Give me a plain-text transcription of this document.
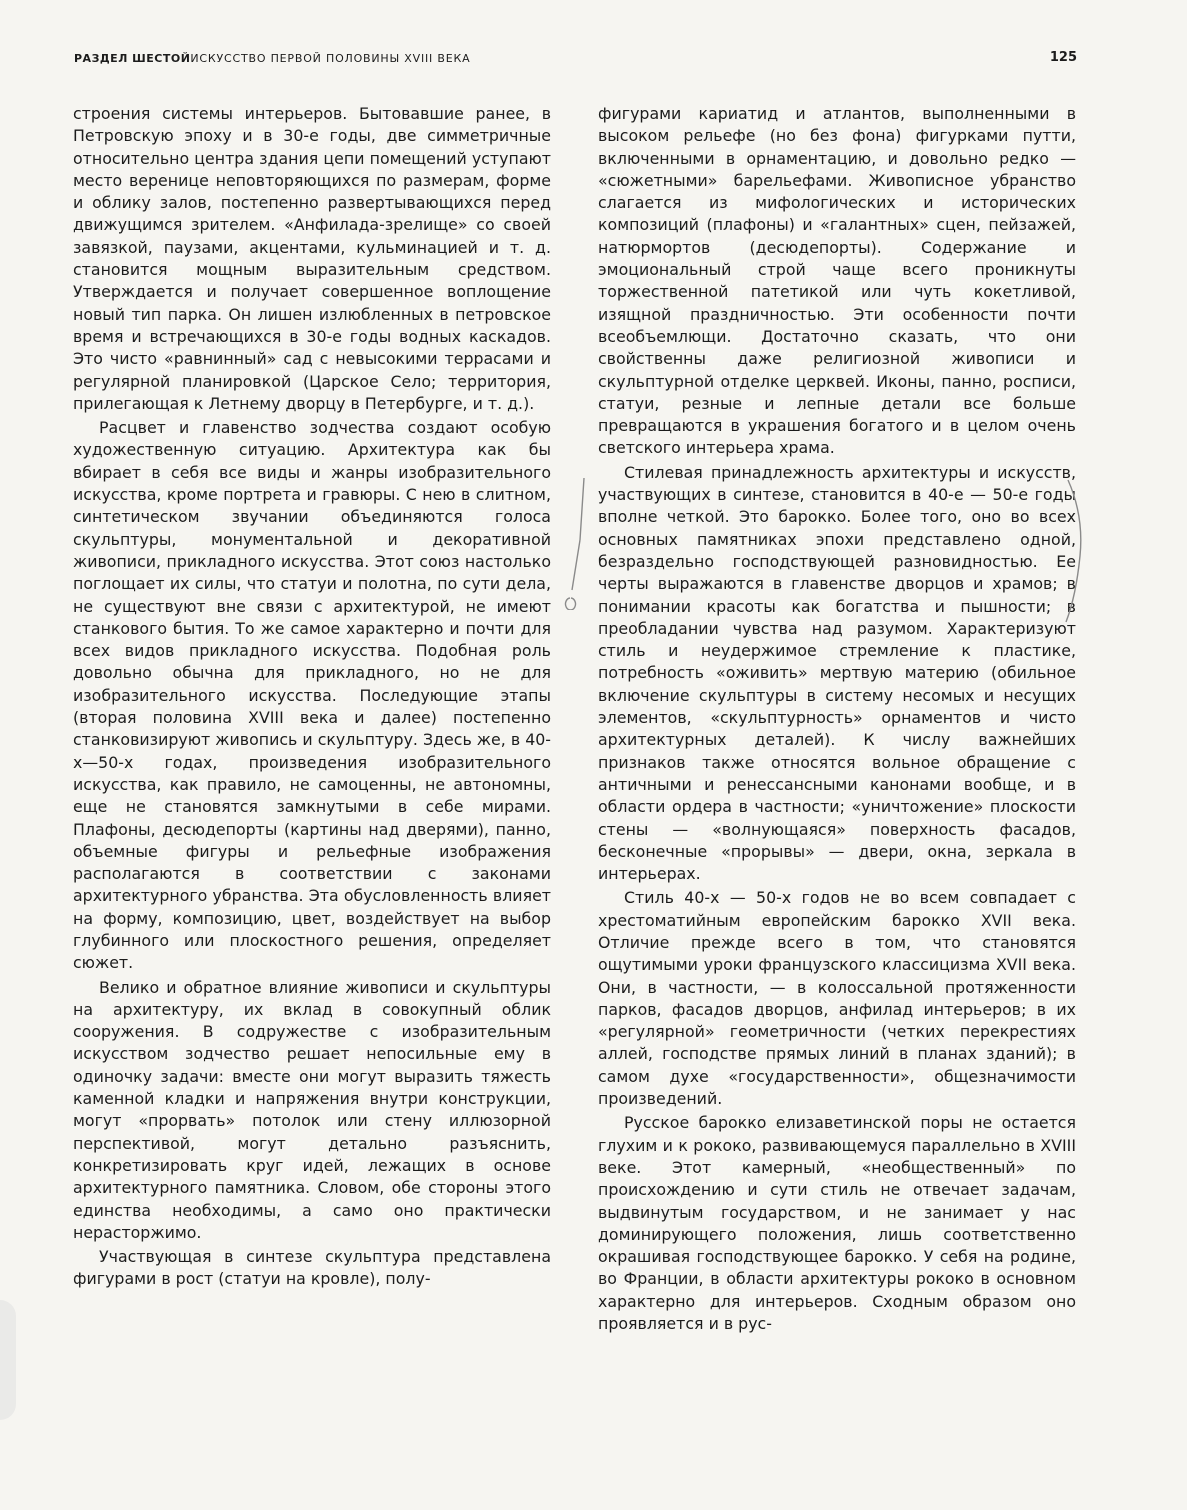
РАЗДЕЛ ШЕСТОЙИСКУССТВО ПЕРВОЙ ПОЛОВИНЫ XVIII ВЕКА	125

строения системы интерьеров. Бытовавшие ранее, в Петровскую эпоху и в 30-е годы, две симметричные относительно центра здания цепи помещений уступают место веренице неповторяющихся по размерам, форме и облику залов, постепенно развертывающихся перед движущимся зрителем. «Анфилада-зрелище» со своей завязкой, паузами, акцентами, кульминацией и т. д. становится мощным выразительным средством. Утверждается и получает совершенное воплощение новый тип парка. Он лишен излюбленных в петровское время и встречающихся в 30-е годы водных каскадов. Это чисто «равнинный» сад с невысокими террасами и регулярной планировкой (Царское Село; территория, прилегающая к Летнему дворцу в Петербурге, и т. д.).

Расцвет и главенство зодчества создают особую художественную ситуацию. Архитектура как бы вбирает в себя все виды и жанры изобразительного искусства, кроме портрета и гравюры. С нею в слитном, синтетическом звучании объединяются голоса скульптуры, монументальной и декоративной живописи, прикладного искусства. Этот союз настолько поглощает их силы, что статуи и полотна, по сути дела, не существуют вне связи с архитектурой, не имеют станкового бытия. То же самое характерно и почти для всех видов прикладного искусства. Подобная роль довольно обычна для прикладного, но не для изобразительного искусства. Последующие этапы (вторая половина XVIII века и далее) постепенно станковизируют живопись и скульптуру. Здесь же, в 40-х—50-х годах, произведения изобразительного искусства, как правило, не самоценны, не автономны, еще не становятся замкнутыми в себе мирами. Плафоны, десюдепорты (картины над дверями), панно, объемные фигуры и рельефные изображения располагаются в соответствии с законами архитектурного убранства. Эта обусловленность влияет на форму, композицию, цвет, воздействует на выбор глубинного или плоскостного решения, определяет сюжет.

Велико и обратное влияние живописи и скульптуры на архитектуру, их вклад в совокупный облик сооружения. В содружестве с изобразительным искусством зодчество решает непосильные ему в одиночку задачи: вместе они могут выразить тяжесть каменной кладки и напряжения внутри конструкции, могут «прорвать» потолок или стену иллюзорной перспективой, могут детально разъяснить, конкретизировать круг идей, лежащих в основе архитектурного памятника. Словом, обе стороны этого единства необходимы, а само оно практически нерасторжимо.

Участвующая в синтезе скульптура представлена фигурами в рост (статуи на кровле), полу-

фигурами кариатид и атлантов, выполненными в высоком рельефе (но без фона) фигурками путти, включенными в орнаментацию, и довольно редко — «сюжетными» барельефами. Живописное убранство слагается из мифологических и исторических композиций (плафоны) и «галантных» сцен, пейзажей, натюрмортов (десюдепорты). Содержание и эмоциональный строй чаще всего проникнуты торжественной патетикой или чуть кокетливой, изящной праздничностью. Эти особенности почти всеобъемлющи. Достаточно сказать, что они свойственны даже религиозной живописи и скульптурной отделке церквей. Иконы, панно, росписи, статуи, резные и лепные детали все больше превращаются в украшения богатого и в целом очень светского интерьера храма.

Стилевая принадлежность архитектуры и искусств, участвующих в синтезе, становится в 40-е — 50-е годы вполне четкой. Это барокко. Более того, оно во всех основных памятниках эпохи представлено одной, безраздельно господствующей разновидностью. Ее черты выражаются в главенстве дворцов и храмов; в понимании красоты как богатства и пышности; в преобладании чувства над разумом. Характеризуют стиль и неудержимое стремление к пластике, потребность «оживить» мертвую материю (обильное включение скульптуры в систему несомых и несущих элементов, «скульптурность» орнаментов и чисто архитектурных деталей). К числу важнейших признаков также относятся вольное обращение с античными и ренессансными канонами вообще, и в области ордера в частности; «уничтожение» плоскости стены — «волнующаяся» поверхность фасадов, бесконечные «прорывы» — двери, окна, зеркала в интерьерах.

Стиль 40-х — 50-х годов не во всем совпадает с хрестоматийным европейским барокко XVII века. Отличие прежде всего в том, что становятся ощутимыми уроки французского классицизма XVII века. Они, в частности, — в колоссальной протяженности парков, фасадов дворцов, анфилад интерьеров; в их «регулярной» геометричности (четких перекрестиях аллей, господстве прямых линий в планах зданий); в самом духе «государственности», общезначимости произведений.

Русское барокко елизаветинской поры не остается глухим и к рококо, развивающемуся параллельно в XVIII веке. Этот камерный, «необщественный» по происхождению и сути стиль не отвечает задачам, выдвинутым государством, и не занимает у нас доминирующего положения, лишь соответственно окрашивая господствующее барокко. У себя на родине, во Франции, в области архитектуры рококо в основном характерно для интерьеров. Сходным образом оно проявляется и в рус-
